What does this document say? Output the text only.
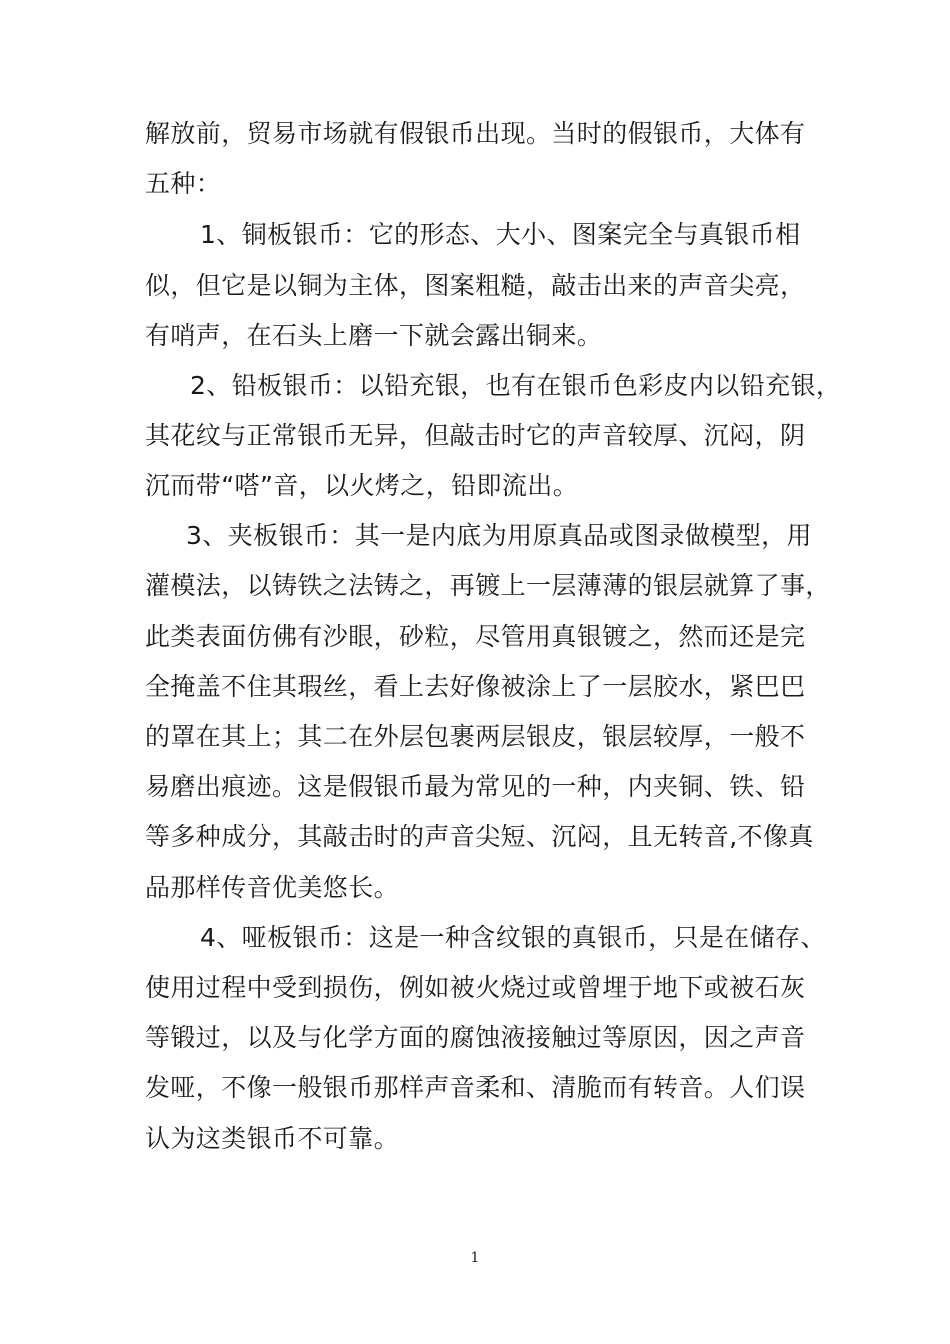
解放前，贸易市场就有假银币出现。当时的假银币，大体有
五种：
1、铜板银币：它的形态、大小、图案完全与真银币相
似，但它是以铜为主体，图案粗糙，敲击出来的声音尖亮，
有哨声，在石头上磨一下就会露出铜来。
2、铅板银币：以铅充银，也有在银币色彩皮内以铅充银，
其花纹与正常银币无异，但敲击时它的声音较厚、沉闷，阴
沉而带“嗒”音，以火烤之，铅即流出。
3、夹板银币：其一是内底为用原真品或图录做模型，用
灌模法，以铸铁之法铸之，再镀上一层薄薄的银层就算了事，
此类表面仿佛有沙眼，砂粒，尽管用真银镀之，然而还是完
全掩盖不住其瑕丝，看上去好像被涂上了一层胶水，紧巴巴
的罩在其上；其二在外层包裹两层银皮，银层较厚，一般不
易磨出痕迹。这是假银币最为常见的一种，内夹铜、铁、铅
等多种成分，其敲击时的声音尖短、沉闷，且无转音,不像真
品那样传音优美悠长。
4、哑板银币：这是一种含纹银的真银币，只是在储存、
使用过程中受到损伤，例如被火烧过或曾埋于地下或被石灰
等锻过，以及与化学方面的腐蚀液接触过等原因，因之声音
发哑，不像一般银币那样声音柔和、清脆而有转音。人们误
认为这类银币不可靠。
1
